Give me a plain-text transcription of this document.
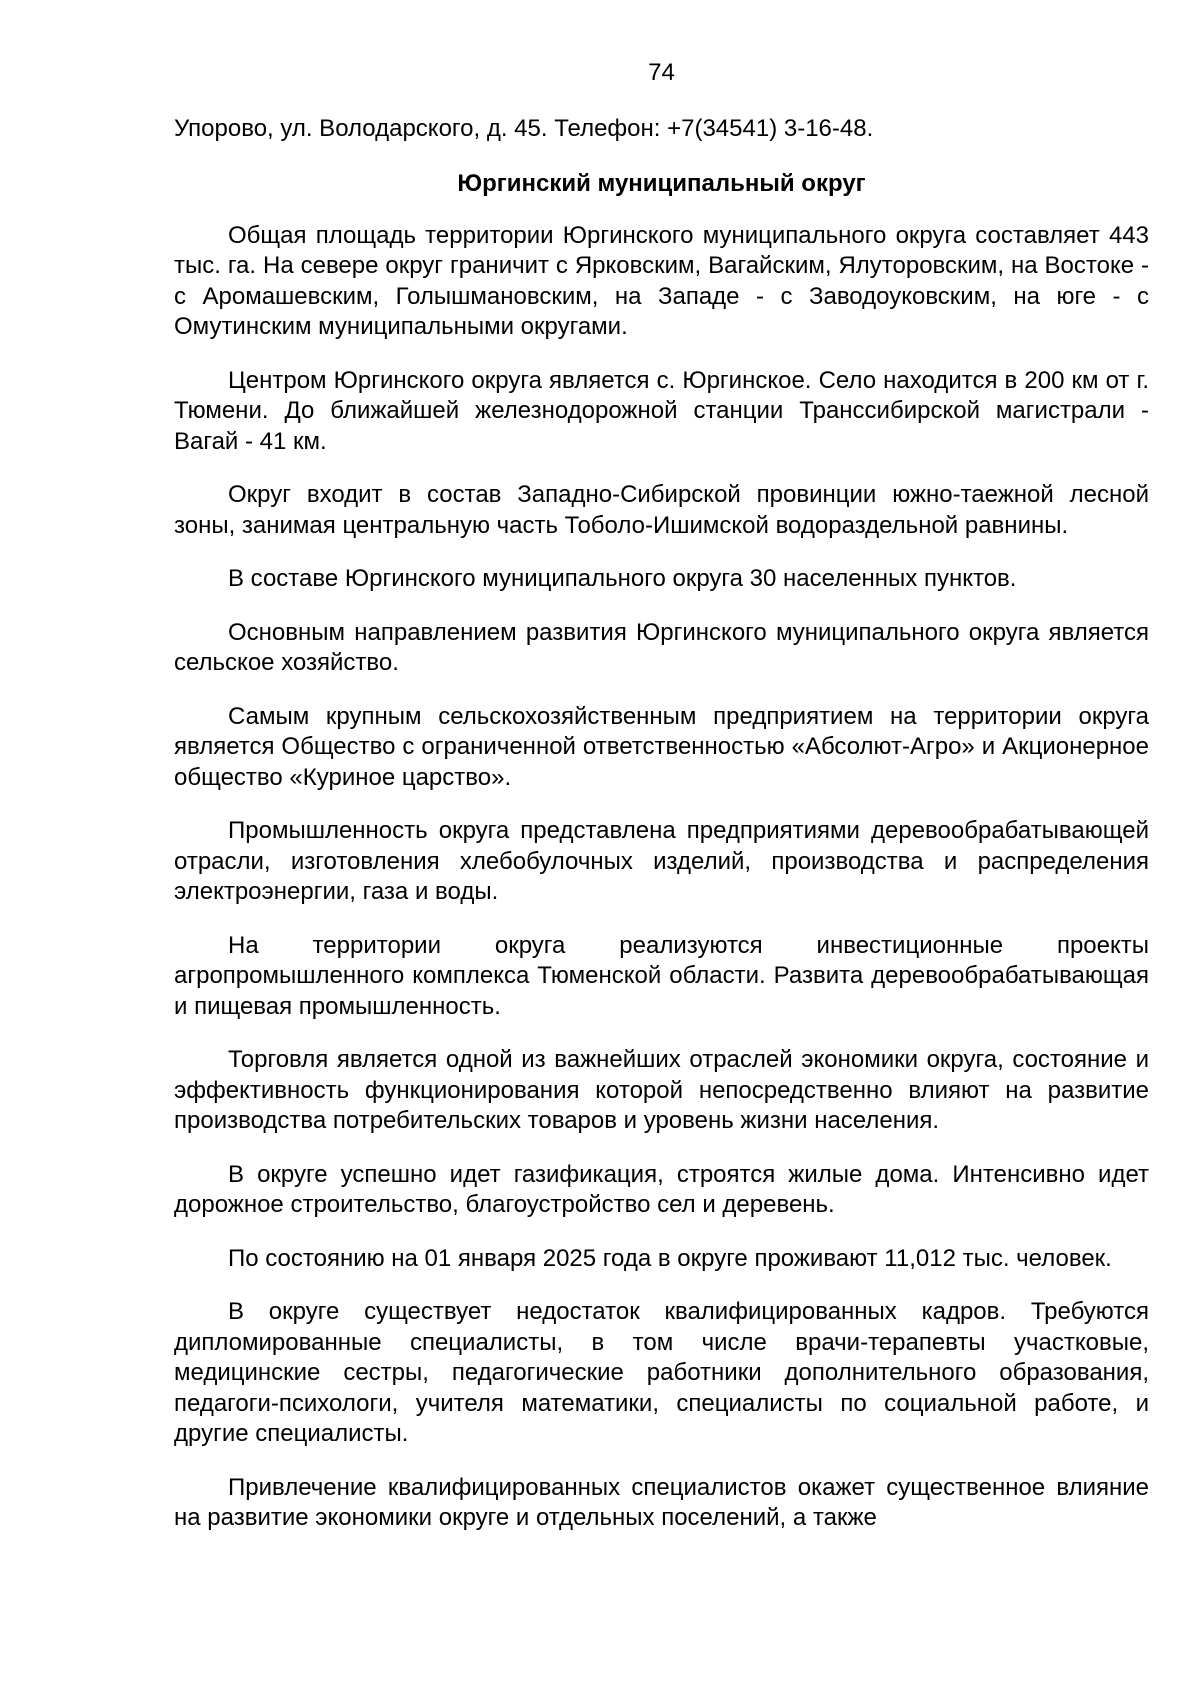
74

Упорово, ул. Володарского, д. 45. Телефон: +7(34541) 3-16-48.

Юргинский муниципальный округ

Общая площадь территории Юргинского муниципального округа составляет 443 тыс. га. На севере округ граничит с Ярковским, Вагайским, Ялуторовским, на Востоке - с Аромашевским, Голышмановским, на Западе - с Заводоуковским, на юге - с Омутинским муниципальными округами.

Центром Юргинского округа является с. Юргинское. Село находится в 200 км от г. Тюмени. До ближайшей железнодорожной станции Транссибирской магистрали - Вагай - 41 км.

Округ входит в состав Западно-Сибирской провинции южно-таежной лесной зоны, занимая центральную часть Тоболо-Ишимской водораздельной равнины.

В составе Юргинского муниципального округа 30 населенных пунктов.

Основным направлением развития Юргинского муниципального округа является сельское хозяйство.

Самым крупным сельскохозяйственным предприятием на территории округа является Общество с ограниченной ответственностью «Абсолют-Агро» и Акционерное общество «Куриное царство».

Промышленность округа представлена предприятиями деревообрабатывающей отрасли, изготовления хлебобулочных изделий, производства и распределения электроэнергии, газа и воды.

На территории округа реализуются инвестиционные проекты агропромышленного комплекса Тюменской области. Развита деревообрабатывающая и пищевая промышленность.

Торговля является одной из важнейших отраслей экономики округа, состояние и эффективность функционирования которой непосредственно влияют на развитие производства потребительских товаров и уровень жизни населения.

В округе успешно идет газификация, строятся жилые дома. Интенсивно идет дорожное строительство, благоустройство сел и деревень.

По состоянию на 01 января 2025 года в округе проживают 11,012 тыс. человек.

В округе существует недостаток квалифицированных кадров. Требуются дипломированные специалисты, в том числе врачи-терапевты участковые, медицинские сестры, педагогические работники дополнительного образования, педагоги-психологи, учителя математики, специалисты по социальной работе, и другие специалисты.

Привлечение квалифицированных специалистов окажет существенное влияние на развитие экономики округе и отдельных поселений, а также
